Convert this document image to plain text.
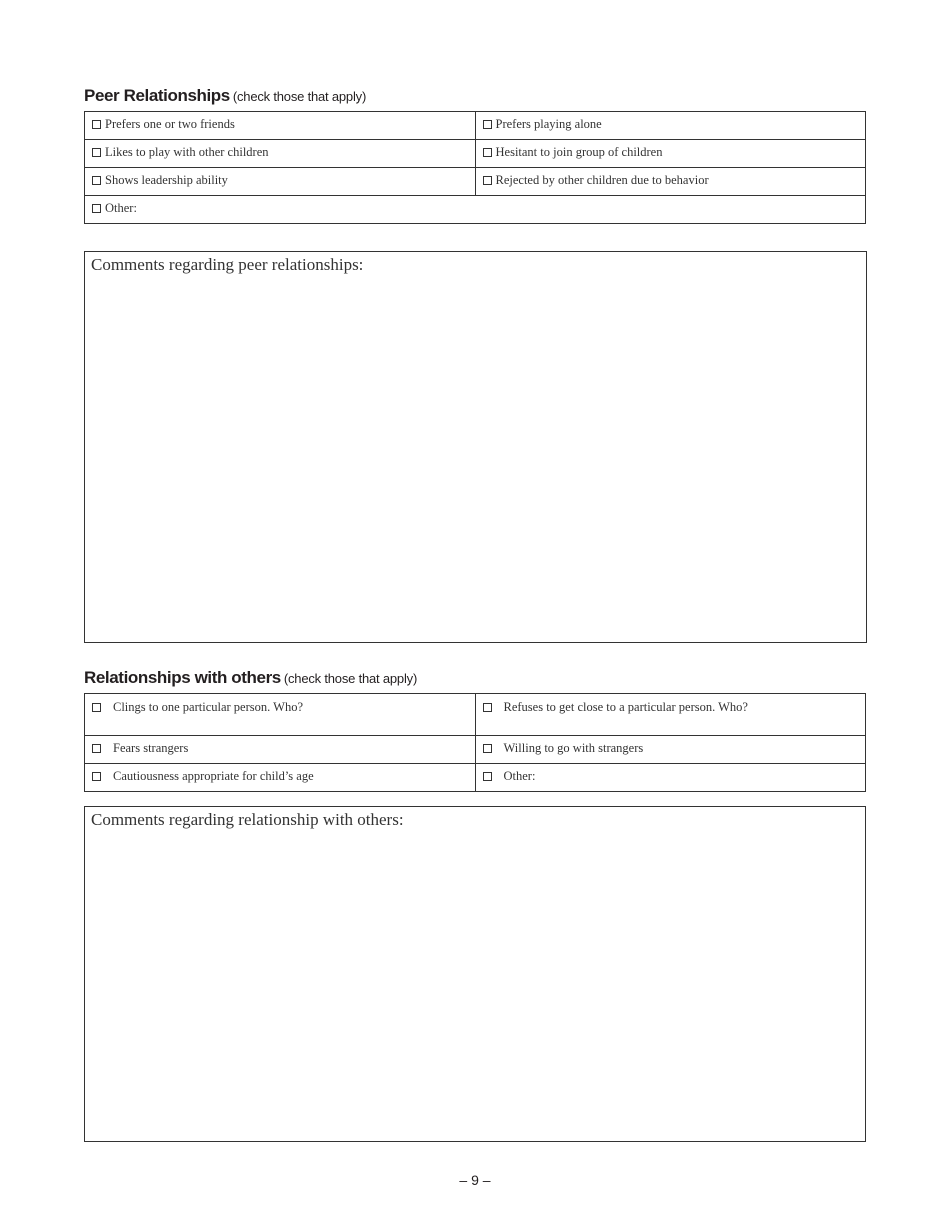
Peer Relationships (check those that apply)
Prefers one or two friends	Prefers playing alone
Likes to play with other children	Hesitant to join group of children
Shows leadership ability	Rejected by other children due to behavior
Other:	
Comments regarding peer relationships:
Relationships with others (check those that apply)
Clings to one particular person. Who?	Refuses to get close to a particular person. Who?
Fears strangers	Willing to go with strangers
Cautiousness appropriate for child’s age	Other:
Comments regarding relationship with others:
– 9 –
